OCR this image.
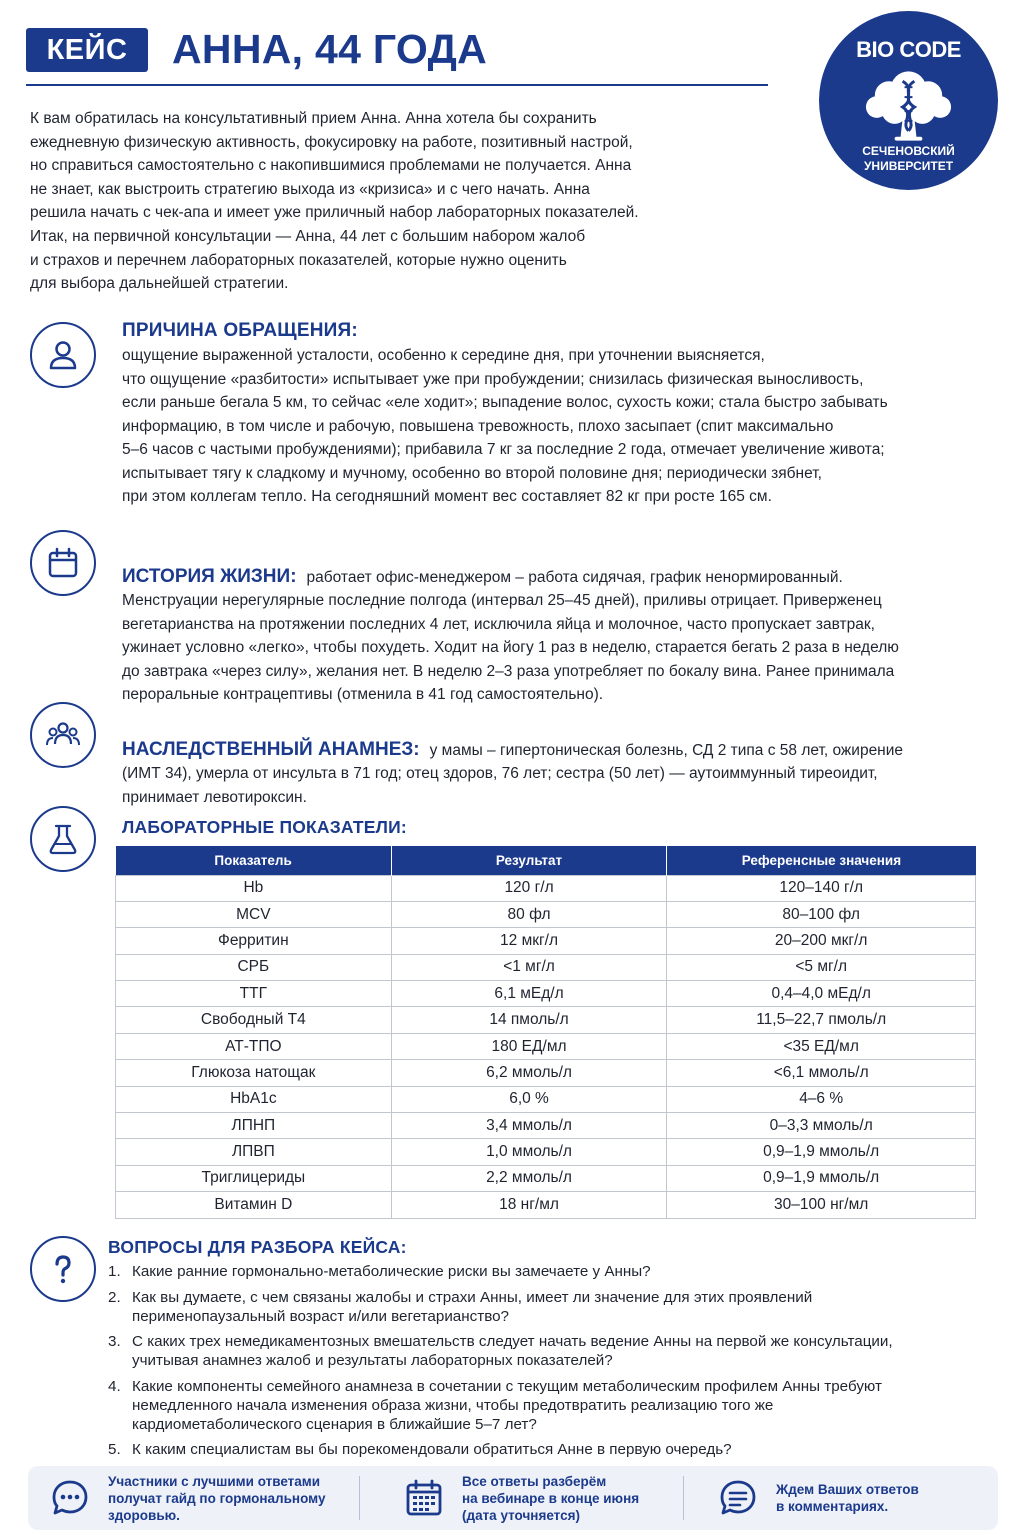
КЕЙС	АННА, 44 ГОДА	BIO CODE
СЕЧЕНОВСКИЙ
УНИВЕРСИТЕТ
К вам обратилась на консультативный прием Анна. Анна хотела бы сохранить
ежедневную физическую активность, фокусировку на работе, позитивный настрой,
но справиться самостоятельно с накопившимися проблемами не получается. Анна
не знает, как выстроить стратегию выхода из «кризиса» и с чего начать. Анна
решила начать с чек-апа и имеет уже приличный набор лабораторных показателей.
Итак, на первичной консультации — Анна, 44 лет с большим набором жалоб
и страхов и перечнем лабораторных показателей, которые нужно оценить
для выбора дальнейшей стратегии.
ПРИЧИНА ОБРАЩЕНИЯ:
ощущение выраженной усталости, особенно к середине дня, при уточнении выясняется,
что ощущение «разбитости» испытывает уже при пробуждении; снизилась физическая выносливость,
если раньше бегала 5 км, то сейчас «еле ходит»; выпадение волос, сухость кожи; стала быстро забывать
информацию, в том числе и рабочую, повышена тревожность, плохо засыпает (спит максимально
5–6 часов с частыми пробуждениями); прибавила 7 кг за последние 2 года, отмечает увеличение живота;
испытывает тягу к сладкому и мучному, особенно во второй половине дня; периодически зябнет,
при этом коллегам тепло. На сегодняшний момент вес составляет 82 кг при росте 165 см.

ИСТОРИЯ ЖИЗНИ: работает офис-менеджером – работа сидячая, график ненормированный.
Менструации нерегулярные последние полгода (интервал 25–45 дней), приливы отрицает. Приверженец
вегетарианства на протяжении последних 4 лет, исключила яйца и молочное, часто пропускает завтрак,
ужинает условно «легко», чтобы похудеть. Ходит на йогу 1 раз в неделю, старается бегать 2 раза в неделю
до завтрака «через силу», желания нет. В неделю 2–3 раза употребляет по бокалу вина. Ранее принимала
пероральные контрацептивы (отменила в 41 год самостоятельно).

НАСЛЕДСТВЕННЫЙ АНАМНЕЗ: у мамы – гипертоническая болезнь, СД 2 типа с 58 лет, ожирение
(ИМТ 34), умерла от инсульта в 71 год; отец здоров, 76 лет; сестра (50 лет) — аутоиммунный тиреоидит,
принимает левотироксин.

ЛАБОРАТОРНЫЕ ПОКАЗАТЕЛИ:
Показатель	Результат	Референсные значения
Hb	120 г/л	120–140 г/л
MCV	80 фл	80–100 фл
Ферритин	12 мкг/л	20–200 мкг/л
СРБ	<1 мг/л	<5 мг/л
ТТГ	6,1 мЕд/л	0,4–4,0 мЕд/л
Свободный Т4	14 пмоль/л	11,5–22,7 пмоль/л
АТ-ТПО	180 ЕД/мл	<35 ЕД/мл
Глюкоза натощак	6,2 ммоль/л	<6,1 ммоль/л
HbA1c	6,0 %	4–6 %
ЛПНП	3,4 ммоль/л	0–3,3 ммоль/л
ЛПВП	1,0 ммоль/л	0,9–1,9 ммоль/л
Триглицериды	2,2 ммоль/л	0,9–1,9 ммоль/л
Витамин D	18 нг/мл	30–100 нг/мл
ВОПРОСЫ ДЛЯ РАЗБОРА КЕЙСА:
1. Какие ранние гормонально-метаболические риски вы замечаете у Анны?
2. Как вы думаете, с чем связаны жалобы и страхи Анны, имеет ли значение для этих проявлений
перименопаузальный возраст и/или вегетарианство?
3. С каких трех немедикаментозных вмешательств следует начать ведение Анны на первой же консультации,
учитывая анамнез жалоб и результаты лабораторных показателей?
4. Какие компоненты семейного анамнеза в сочетании с текущим метаболическим профилем Анны требуют
немедленного начала изменения образа жизни, чтобы предотвратить реализацию того же
кардиометаболического сценария в ближайшие 5–7 лет?
5. К каким специалистам вы бы порекомендовали обратиться Анне в первую очередь?
Участники с лучшими ответами
получат гайд по гормональному
здоровью.
Все ответы разберём
на вебинаре в конце июня
(дата уточняется)
Ждем Ваших ответов
в комментариях.
